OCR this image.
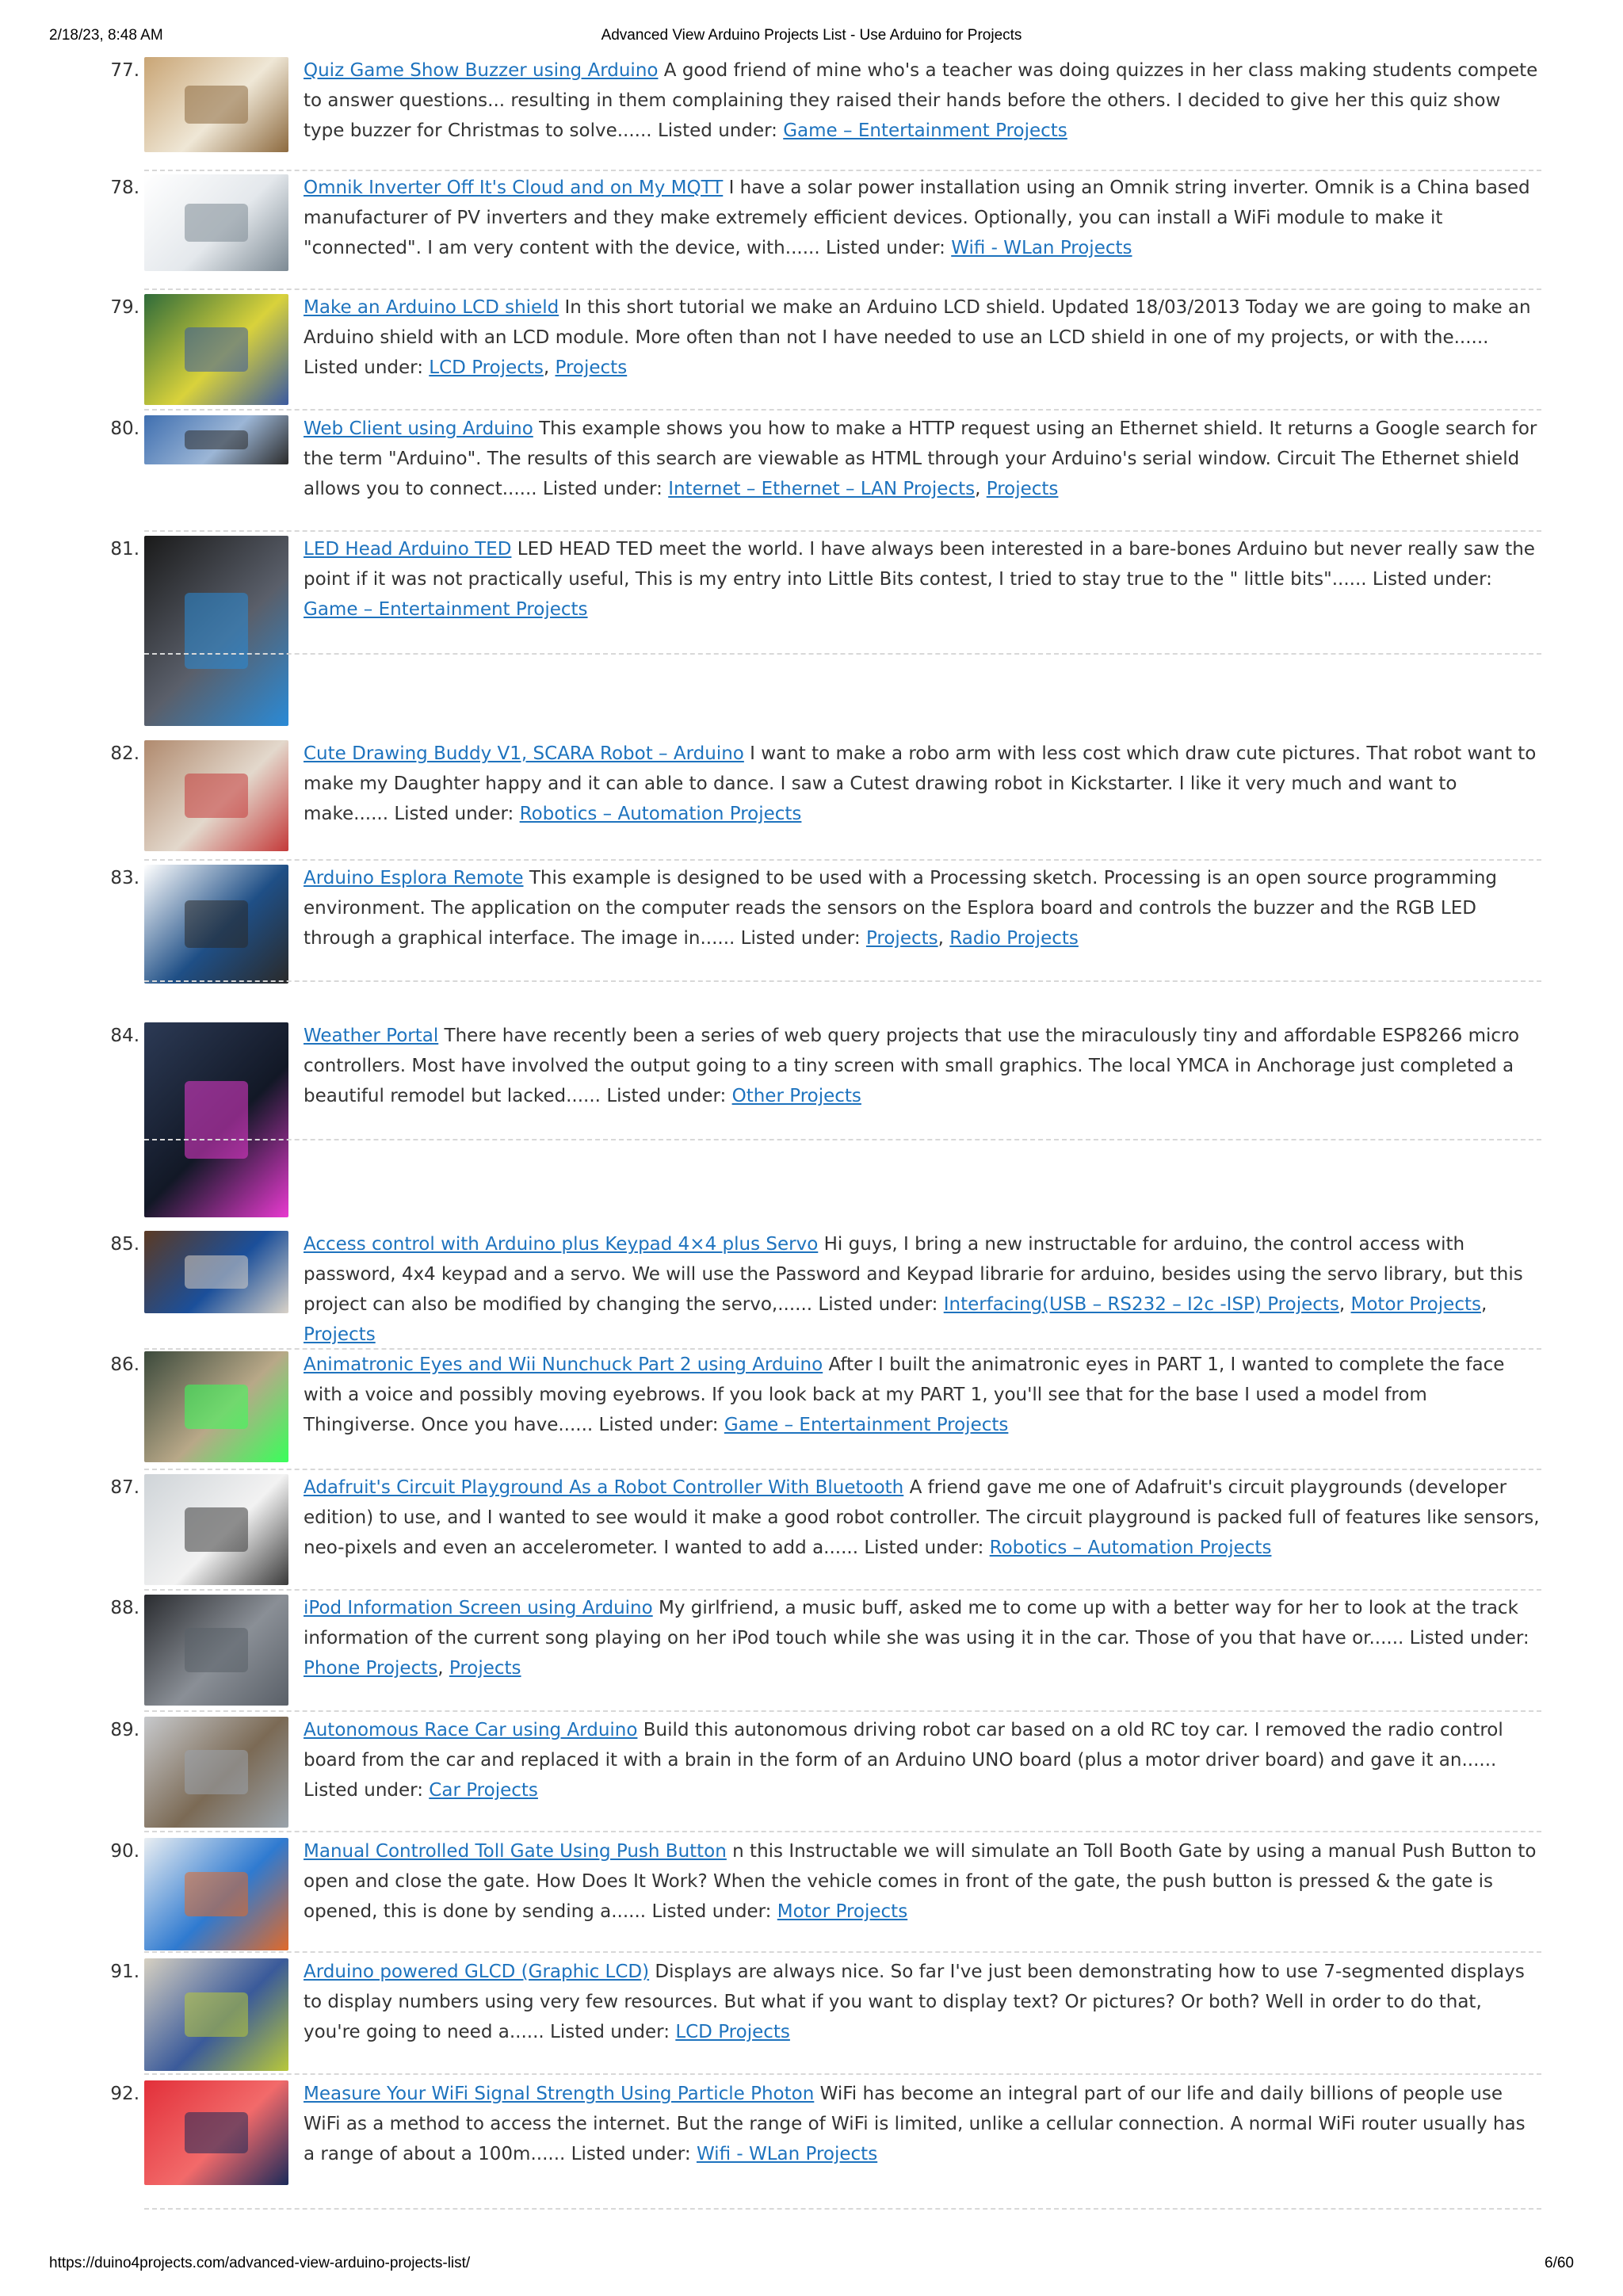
Advanced View Arduino Projects List - Use Arduino for Projects
2/18/23, 8:48 AM
77.	Quiz Game Show Buzzer using Arduino A good friend of mine who's a teacher was doing quizzes in her class making students compete to answer questions... resulting in them complaining they raised their hands before the others. I decided to give her this quiz show type buzzer for Christmas to solve...... Listed under: Game – Entertainment Projects
78.	Omnik Inverter Off It's Cloud and on My MQTT I have a solar power installation using an Omnik string inverter. Omnik is a China based manufacturer of PV inverters and they make extremely efficient devices. Optionally, you can install a WiFi module to make it "connected". I am very content with the device, with...... Listed under: Wifi - WLan Projects
79.	Make an Arduino LCD shield In this short tutorial we make an Arduino LCD shield. Updated 18/03/2013 Today we are going to make an Arduino shield with an LCD module. More often than not I have needed to use an LCD shield in one of my projects, or with the...... Listed under: LCD Projects, Projects
80.	Web Client using Arduino This example shows you how to make a HTTP request using an Ethernet shield. It returns a Google search for the term "Arduino". The results of this search are viewable as HTML through your Arduino's serial window. Circuit The Ethernet shield allows you to connect...... Listed under: Internet – Ethernet – LAN Projects, Projects
81.	LED Head Arduino TED LED HEAD TED meet the world. I have always been interested in a bare-bones Arduino but never really saw the point if it was not practically useful, This is my entry into Little Bits contest, I tried to stay true to the " little bits"...... Listed under: Game – Entertainment Projects
82.	Cute Drawing Buddy V1, SCARA Robot – Arduino I want to make a robo arm with less cost which draw cute pictures. That robot want to make my Daughter happy and it can able to dance. I saw a Cutest drawing robot in Kickstarter. I like it very much and want to make...... Listed under: Robotics – Automation Projects
83.	Arduino Esplora Remote This example is designed to be used with a Processing sketch. Processing is an open source programming environment. The application on the computer reads the sensors on the Esplora board and controls the buzzer and the RGB LED through a graphical interface. The image in...... Listed under: Projects, Radio Projects
84.	Weather Portal There have recently been a series of web query projects that use the miraculously tiny and affordable ESP8266 micro controllers. Most have involved the output going to a tiny screen with small graphics. The local YMCA in Anchorage just completed a beautiful remodel but lacked...... Listed under: Other Projects
85.	Access control with Arduino plus Keypad 4×4 plus Servo Hi guys, I bring a new instructable for arduino, the control access with password, 4x4 keypad and a servo. We will use the Password and Keypad librarie for arduino, besides using the servo library, but this project can also be modified by changing the servo,...... Listed under: Interfacing(USB – RS232 – I2c -ISP) Projects, Motor Projects, Projects
86.	Animatronic Eyes and Wii Nunchuck Part 2 using Arduino After I built the animatronic eyes in PART 1, I wanted to complete the face with a voice and possibly moving eyebrows. If you look back at my PART 1, you'll see that for the base I used a model from Thingiverse. Once you have...... Listed under: Game – Entertainment Projects
87.	Adafruit's Circuit Playground As a Robot Controller With Bluetooth A friend gave me one of Adafruit's circuit playgrounds (developer edition) to use, and I wanted to see would it make a good robot controller. The circuit playground is packed full of features like sensors, neo-pixels and even an accelerometer. I wanted to add a...... Listed under: Robotics – Automation Projects
88.	iPod Information Screen using Arduino My girlfriend, a music buff, asked me to come up with a better way for her to look at the track information of the current song playing on her iPod touch while she was using it in the car. Those of you that have or...... Listed under: Phone Projects, Projects
89.	Autonomous Race Car using Arduino Build this autonomous driving robot car based on a old RC toy car. I removed the radio control board from the car and replaced it with a brain in the form of an Arduino UNO board (plus a motor driver board) and gave it an...... Listed under: Car Projects
90.	Manual Controlled Toll Gate Using Push Button n this Instructable we will simulate an Toll Booth Gate by using a manual Push Button to open and close the gate. How Does It Work? When the vehicle comes in front of the gate, the push button is pressed & the gate is opened, this is done by sending a...... Listed under: Motor Projects
91.	Arduino powered GLCD (Graphic LCD) Displays are always nice. So far I've just been demonstrating how to use 7-segmented displays to display numbers using very few resources. But what if you want to display text? Or pictures? Or both? Well in order to do that, you're going to need a...... Listed under: LCD Projects
92.	Measure Your WiFi Signal Strength Using Particle Photon WiFi has become an integral part of our life and daily billions of people use WiFi as a method to access the internet. But the range of WiFi is limited, unlike a cellular connection. A normal WiFi router usually has a range of about a 100m...... Listed under: Wifi - WLan Projects
https://duino4projects.com/advanced-view-arduino-projects-list/	6/60
